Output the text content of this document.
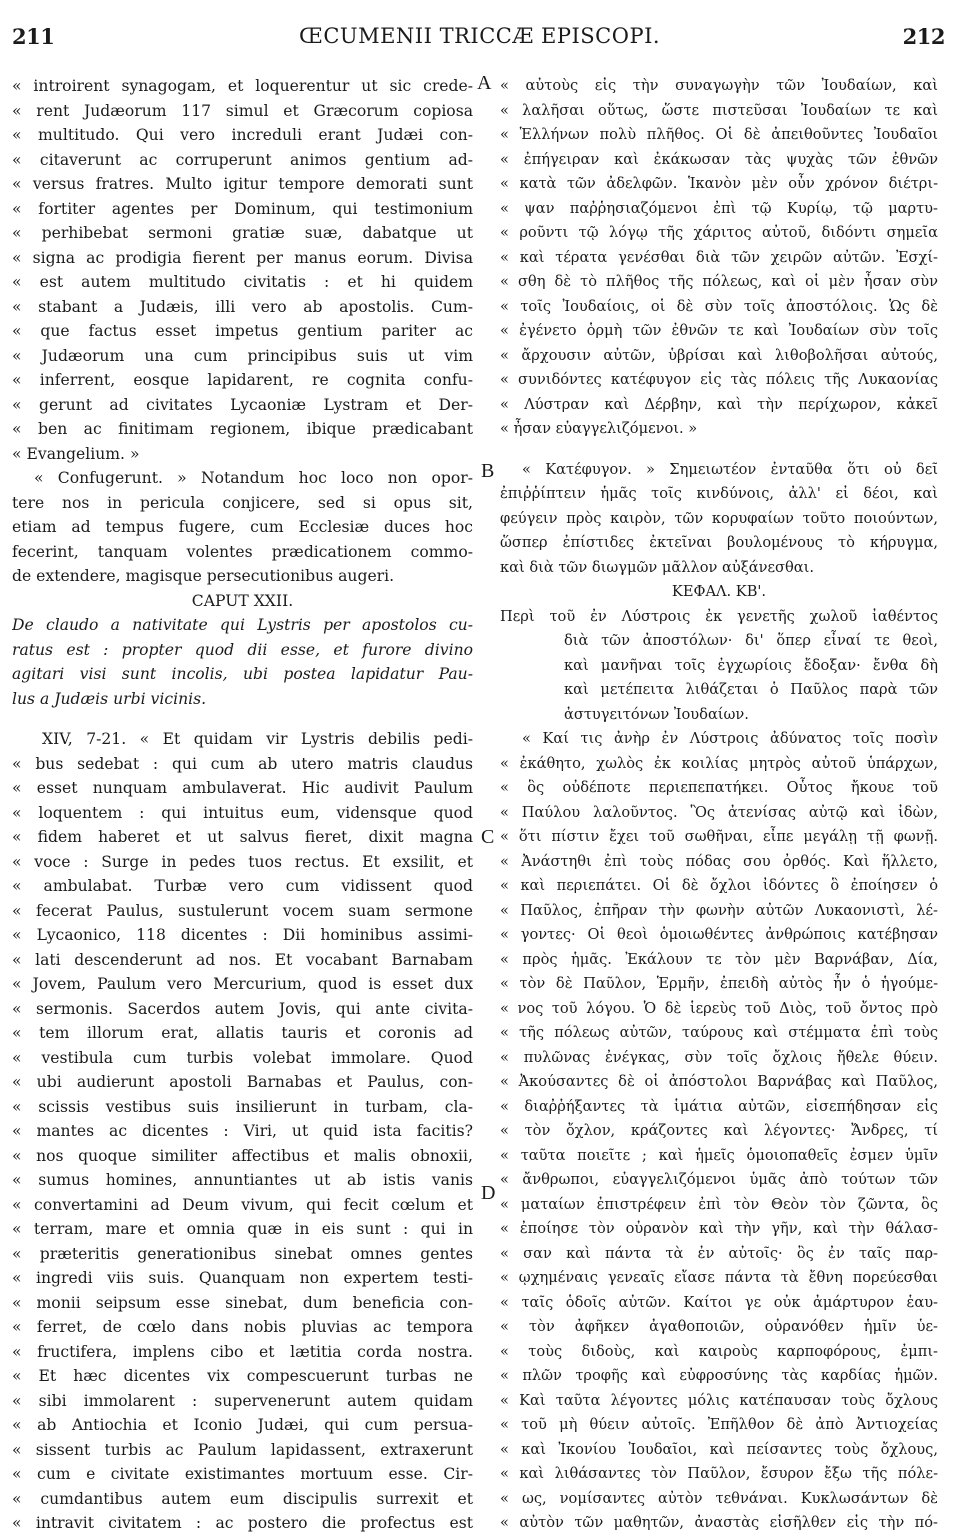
211	ŒCUMENII TRICCÆ EPISCOPI.	212
« introirent synagogam, et loquerentur ut sic crede-
« rent Judæorum 117 simul et Græcorum copiosa
« multitudo. Qui vero increduli erant Judæi con-
« citaverunt ac corruperunt animos gentium ad-
« versus fratres. Multo igitur tempore demorati sunt
« fortiter agentes per Dominum, qui testimonium
« perhibebat sermoni gratiæ suæ, dabatque ut
« signa ac prodigia fierent per manus eorum. Divisa
« est autem multitudo civitatis : et hi quidem
« stabant a Judæis, illi vero ab apostolis. Cum-
« que factus esset impetus gentium pariter ac
« Judæorum una cum principibus suis ut vim
« inferrent, eosque lapidarent, re cognita confu-
« gerunt ad civitates Lycaoniæ Lystram et Der-
« ben ac finitimam regionem, ibique prædicabant
« Evangelium. »
« Confugerunt. » Notandum hoc loco non opor-
tere nos in pericula conjicere, sed si opus sit,
etiam ad tempus fugere, cum Ecclesiæ duces hoc
fecerint, tanquam volentes prædicationem commo-
de extendere, magisque persecutionibus augeri.
CAPUT XXII.
De claudo a nativitate qui Lystris per apostolos cu-
ratus est : propter quod dii esse, et furore divino
agitari visi sunt incolis, ubi postea lapidatur Pau-
lus a Judæis urbi vicinis.
XIV, 7-21. « Et quidam vir Lystris debilis pedi-
« bus sedebat : qui cum ab utero matris claudus
« esset nunquam ambulaverat. Hic audivit Paulum
« loquentem : qui intuitus eum, vidensque quod
« fidem haberet et ut salvus fieret, dixit magna
« voce : Surge in pedes tuos rectus. Et exsilit, et
« ambulabat. Turbæ vero cum vidissent quod
« fecerat Paulus, sustulerunt vocem suam sermone
« Lycaonico, 118 dicentes : Dii hominibus assimi-
« lati descenderunt ad nos. Et vocabant Barnabam
« Jovem, Paulum vero Mercurium, quod is esset dux
« sermonis. Sacerdos autem Jovis, qui ante civita-
« tem illorum erat, allatis tauris et coronis ad
« vestibula cum turbis volebat immolare. Quod
« ubi audierunt apostoli Barnabas et Paulus, con-
« scissis vestibus suis insilierunt in turbam, cla-
« mantes ac dicentes : Viri, ut quid ista facitis?
« nos quoque similiter affectibus et malis obnoxii,
« sumus homines, annuntiantes ut ab istis vanis
« convertamini ad Deum vivum, qui fecit cœlum et
« terram, mare et omnia quæ in eis sunt : qui in
« præteritis generationibus sinebat omnes gentes
« ingredi viis suis. Quanquam non expertem testi-
« monii seipsum esse sinebat, dum beneficia con-
« ferret, de cœlo dans nobis pluvias ac tempora
« fructifera, implens cibo et lætitia corda nostra.
« Et hæc dicentes vix compescuerunt turbas ne
« sibi immolarent : supervenerunt autem quidam
« ab Antiochia et Iconio Judæi, qui cum persua-
« sissent turbis ac Paulum lapidassent, extraxerunt
« cum e civitate existimantes mortuum esse. Cir-
« cumdantibus autem eum discipulis surrexit et
« intravit civitatem : ac postero die profectus est
« αὐτοὺς εἰς τὴν συναγωγὴν τῶν Ἰουδαίων, καὶ
« λαλῆσαι οὕτως, ὥστε πιστεῦσαι Ἰουδαίων τε καὶ
« Ἑλλήνων πολὺ πλῆθος. Οἱ δὲ ἀπειθοῦντες Ἰουδαῖοι
« ἐπήγειραν καὶ ἐκάκωσαν τὰς ψυχὰς τῶν ἐθνῶν
« κατὰ τῶν ἀδελφῶν. Ἱκανὸν μὲν οὖν χρόνον διέτρι-
« ψαν παῤῥησιαζόμενοι ἐπὶ τῷ Κυρίῳ, τῷ μαρτυ-
« ροῦντι τῷ λόγῳ τῆς χάριτος αὐτοῦ, διδόντι σημεῖα
« καὶ τέρατα γενέσθαι διὰ τῶν χειρῶν αὐτῶν. Ἐσχί-
« σθη δὲ τὸ πλῆθος τῆς πόλεως, καὶ οἱ μὲν ἦσαν σὺν
« τοῖς Ἰουδαίοις, οἱ δὲ σὺν τοῖς ἀποστόλοις. Ὡς δὲ
« ἐγένετο ὁρμὴ τῶν ἐθνῶν τε καὶ Ἰουδαίων σὺν τοῖς
« ἄρχουσιν αὐτῶν, ὑβρίσαι καὶ λιθοβολῆσαι αὐτούς,
« συνιδόντες κατέφυγον εἰς τὰς πόλεις τῆς Λυκαονίας
« Λύστραν καὶ Δέρβην, καὶ τὴν περίχωρον, κἀκεῖ
« ἦσαν εὐαγγελιζόμενοι. »
« Κατέφυγον. » Σημειωτέον ἐνταῦθα ὅτι οὐ δεῖ
ἐπιῤῥίπτειν ἡμᾶς τοῖς κινδύνοις, ἀλλ' εἰ δέοι, καὶ
φεύγειν πρὸς καιρὸν, τῶν κορυφαίων τοῦτο ποιούντων,
ὥσπερ ἐπίστιδες ἐκτεῖναι βουλομένους τὸ κήρυγμα,
καὶ διὰ τῶν διωγμῶν μᾶλλον αὐξάνεσθαι.
ΚΕΦΑΛ. ΚΒ'.
Περὶ τοῦ ἐν Λύστροις ἐκ γενετῆς χωλοῦ ἰαθέντος
διὰ τῶν ἀποστόλων· δι' ὅπερ εἶναί τε θεοὶ,
καὶ μανῆναι τοῖς ἐγχωρίοις ἔδοξαν· ἔνθα δὴ
καὶ μετέπειτα λιθάζεται ὁ Παῦλος παρὰ τῶν
ἀστυγειτόνων Ἰουδαίων.
« Καί τις ἀνὴρ ἐν Λύστροις ἀδύνατος τοῖς ποσὶν
« ἐκάθητο, χωλὸς ἐκ κοιλίας μητρὸς αὐτοῦ ὑπάρχων,
« ὃς οὐδέποτε περιεπεπατήκει. Οὗτος ἤκουε τοῦ
« Παύλου λαλοῦντος. Ὃς ἀτενίσας αὐτῷ καὶ ἰδὼν,
« ὅτι πίστιν ἔχει τοῦ σωθῆναι, εἶπε μεγάλῃ τῇ φωνῇ.
« Ἀνάστηθι ἐπὶ τοὺς πόδας σου ὀρθός. Καὶ ἥλλετο,
« καὶ περιεπάτει. Οἱ δὲ ὄχλοι ἰδόντες ὃ ἐποίησεν ὁ
« Παῦλος, ἐπῆραν τὴν φωνὴν αὐτῶν Λυκαονιστὶ, λέ-
« γοντες· Οἱ θεοὶ ὁμοιωθέντες ἀνθρώποις κατέβησαν
« πρὸς ἡμᾶς. Ἐκάλουν τε τὸν μὲν Βαρνάβαν, Δία,
« τὸν δὲ Παῦλον, Ἑρμῆν, ἐπειδὴ αὐτὸς ἦν ὁ ἡγούμε-
« νος τοῦ λόγου. Ὁ δὲ ἱερεὺς τοῦ Διὸς, τοῦ ὄντος πρὸ
« τῆς πόλεως αὐτῶν, ταύρους καὶ στέμματα ἐπὶ τοὺς
« πυλῶνας ἐνέγκας, σὺν τοῖς ὄχλοις ἤθελε θύειν.
« Ἀκούσαντες δὲ οἱ ἀπόστολοι Βαρνάβας καὶ Παῦλος,
« διαῤῥήξαντες τὰ ἱμάτια αὐτῶν, εἰσεπήδησαν εἰς
« τὸν ὄχλον, κράζοντες καὶ λέγοντες· Ἄνδρες, τί
« ταῦτα ποιεῖτε ; καὶ ἡμεῖς ὁμοιοπαθεῖς ἐσμεν ὑμῖν
« ἄνθρωποι, εὐαγγελιζόμενοι ὑμᾶς ἀπὸ τούτων τῶν
« ματαίων ἐπιστρέφειν ἐπὶ τὸν Θεὸν τὸν ζῶντα, ὃς
« ἐποίησε τὸν οὐρανὸν καὶ τὴν γῆν, καὶ τὴν θάλασ-
« σαν καὶ πάντα τὰ ἐν αὐτοῖς· ὃς ἐν ταῖς παρ-
« ῳχημέναις γενεαῖς εἴασε πάντα τὰ ἔθνη πορεύεσθαι
« ταῖς ὁδοῖς αὐτῶν. Καίτοι γε οὐκ ἀμάρτυρον ἑαυ-
« τὸν ἀφῆκεν ἀγαθοποιῶν, οὐρανόθεν ἡμῖν ὑε-
« τοὺς διδοὺς, καὶ καιροὺς καρποφόρους, ἐμπι-
« πλῶν τροφῆς καὶ εὐφροσύνης τὰς καρδίας ἡμῶν.
« Καὶ ταῦτα λέγοντες μόλις κατέπαυσαν τοὺς ὄχλους
« τοῦ μὴ θύειν αὐτοῖς. Ἐπῆλθον δὲ ἀπὸ Ἀντιοχείας
« καὶ Ἰκονίου Ἰουδαῖοι, καὶ πείσαντες τοὺς ὄχλους,
« καὶ λιθάσαντες τὸν Παῦλον, ἔσυρον ἔξω τῆς πόλε-
« ως, νομίσαντες αὐτὸν τεθνάναι. Κυκλωσάντων δὲ
« αὐτὸν τῶν μαθητῶν, ἀναστὰς εἰσῆλθεν εἰς τὴν πό-
A
B
C
D
